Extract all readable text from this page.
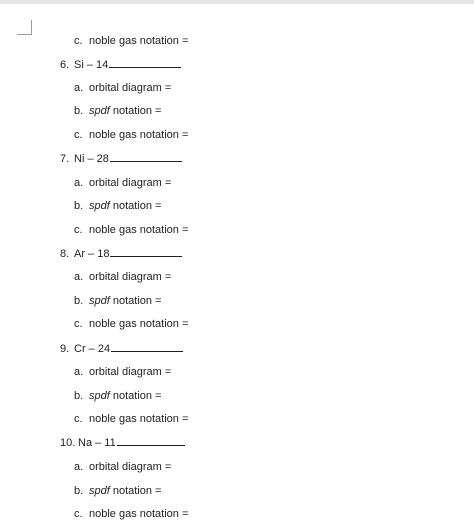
c. noble gas notation =
6. Si – 14
a. orbital diagram =
b. spdf notation =
c. noble gas notation =
7. Ni – 28
a. orbital diagram =
b. spdf notation =
c. noble gas notation =
8. Ar – 18
a. orbital diagram =
b. spdf notation =
c. noble gas notation =
9. Cr – 24
a. orbital diagram =
b. spdf notation =
c. noble gas notation =
10. Na – 11
a. orbital diagram =
b. spdf notation =
c. noble gas notation =
